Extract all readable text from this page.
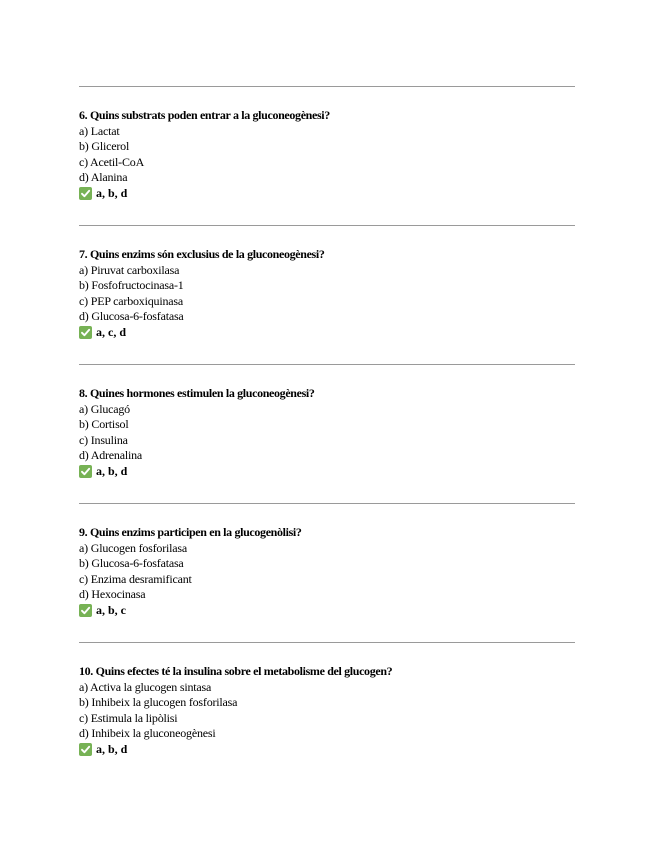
6. Quins substrats poden entrar a la gluconeogènesi?

a) Lactat
b) Glicerol
c) Acetil-CoA
d) Alanina
a, b, d

7. Quins enzims són exclusius de la gluconeogènesi?

a) Piruvat carboxilasa
b) Fosfofructocinasa-1
c) PEP carboxiquinasa
d) Glucosa-6-fosfatasa
a, c, d

8. Quines hormones estimulen la gluconeogènesi?

a) Glucagó
b) Cortisol
c) Insulina
d) Adrenalina
a, b, d

9. Quins enzims participen en la glucogenòlisi?

a) Glucogen fosforilasa
b) Glucosa-6-fosfatasa
c) Enzima desramificant
d) Hexocinasa
a, b, c

10. Quins efectes té la insulina sobre el metabolisme del glucogen?

a) Activa la glucogen sintasa
b) Inhibeix la glucogen fosforilasa
c) Estimula la lipòlisi
d) Inhibeix la gluconeogènesi
a, b, d
